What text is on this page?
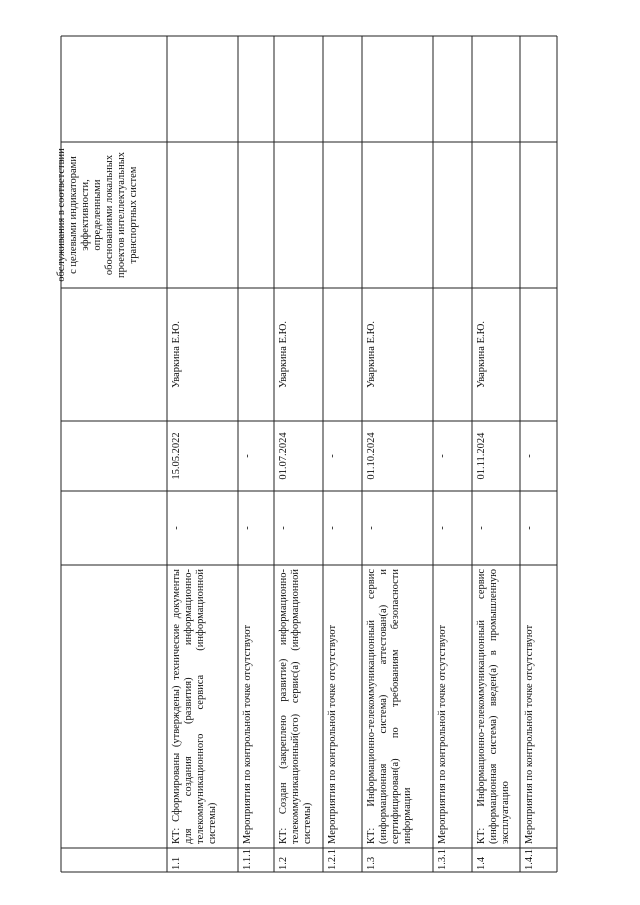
обслуживания в соответствии с целевыми индикаторами эффективности, определенными обоснованиями локальных проектов интеллектуальных транспортных систем
1.1
-
15.05.2022
Уваркина Е.Ю.
КТ: Сформированы (утверждены) технические документы для создания (развития) информационно-телекоммуникационного сервиса (информационной системы)
1.1.1
-
-
Мероприятия по контрольной точке отсутствуют
1.2
-
01.07.2024
Уваркина Е.Ю.
КТ: Создан (закреплено развитие) информационно-телекоммуникационный(ого) сервис(а) (информационной системы)
1.2.1
-
-
Мероприятия по контрольной точке отсутствуют
1.3
-
01.10.2024
Уваркина Е.Ю.
КТ: Информационно-телекоммуникационный сервис (информационная система) аттестован(а) и сертифицирован(а) по требованиям безопасности информации
1.3.1
-
-
Мероприятия по контрольной точке отсутствуют
1.4
-
01.11.2024
Уваркина Е.Ю.
КТ: Информационно-телекоммуникационный сервис (информационная система) введен(а) в промышленную эксплуатацию
1.4.1
-
-
Мероприятия по контрольной точке отсутствуют
